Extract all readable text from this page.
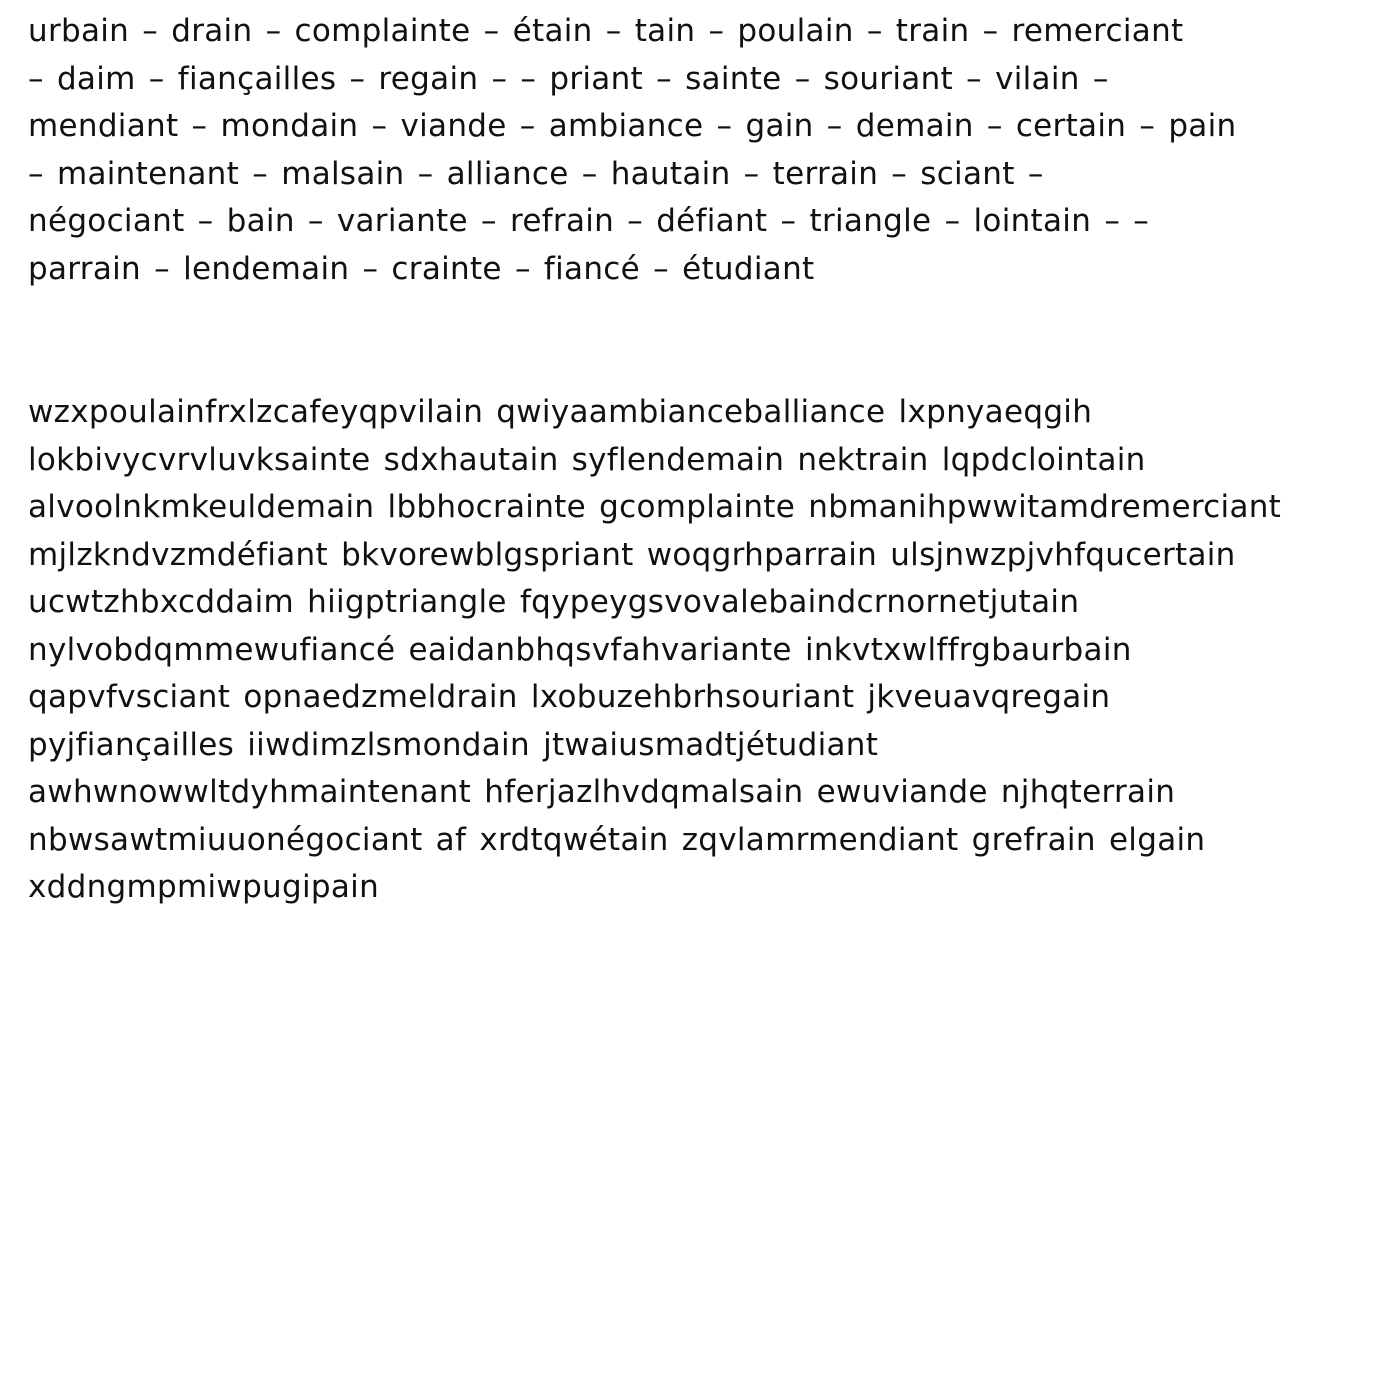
urbain – drain – complainte – étain – tain – poulain – train – remerciant
– daim – fiançailles – regain – – priant – sainte – souriant – vilain –
mendiant – mondain – viande – ambiance – gain – demain – certain – pain
– maintenant – malsain – alliance – hautain – terrain – sciant –
négociant – bain – variante – refrain – défiant – triangle – lointain – –
parrain – lendemain – crainte – fiancé – étudiant
wzxpoulainfrxlzcafeyqpvilain qwiyaambianceballiance lxpnyaeqgih
lokbivycvrvluvksainte sdxhautain syflendemain nektrain lqpdclointain
alvoolnkmkeuldemain lbbhocrainte gcomplainte nbmanihpwwitamdremerciant
mjlzkndvzmdéfiant bkvorewblgspriant woqgrhparrain ulsjnwzpjvhfqucertain
ucwtzhbxcddaim hiigptriangle fqypeygsvovalebaindcrnornetjutain
nylvobdqmmewufiancé eaidanbhqsvfahvariante inkvtxwlffrgbaurbain
qapvfvsciant opnaedzmeldrain lxobuzehbrhsouriant jkveuavqregain
pyjfiançailles iiwdimzlsmondain jtwaiusmadtjétudiant
awhwnowwltdyhmaintenant hferjazlhvdqmalsain ewuviande njhqterrain
nbwsawtmiuuonégociant af xrdtqwétain zqvlamrmendiant grefrain elgain
xddngmpmiwpugipain
